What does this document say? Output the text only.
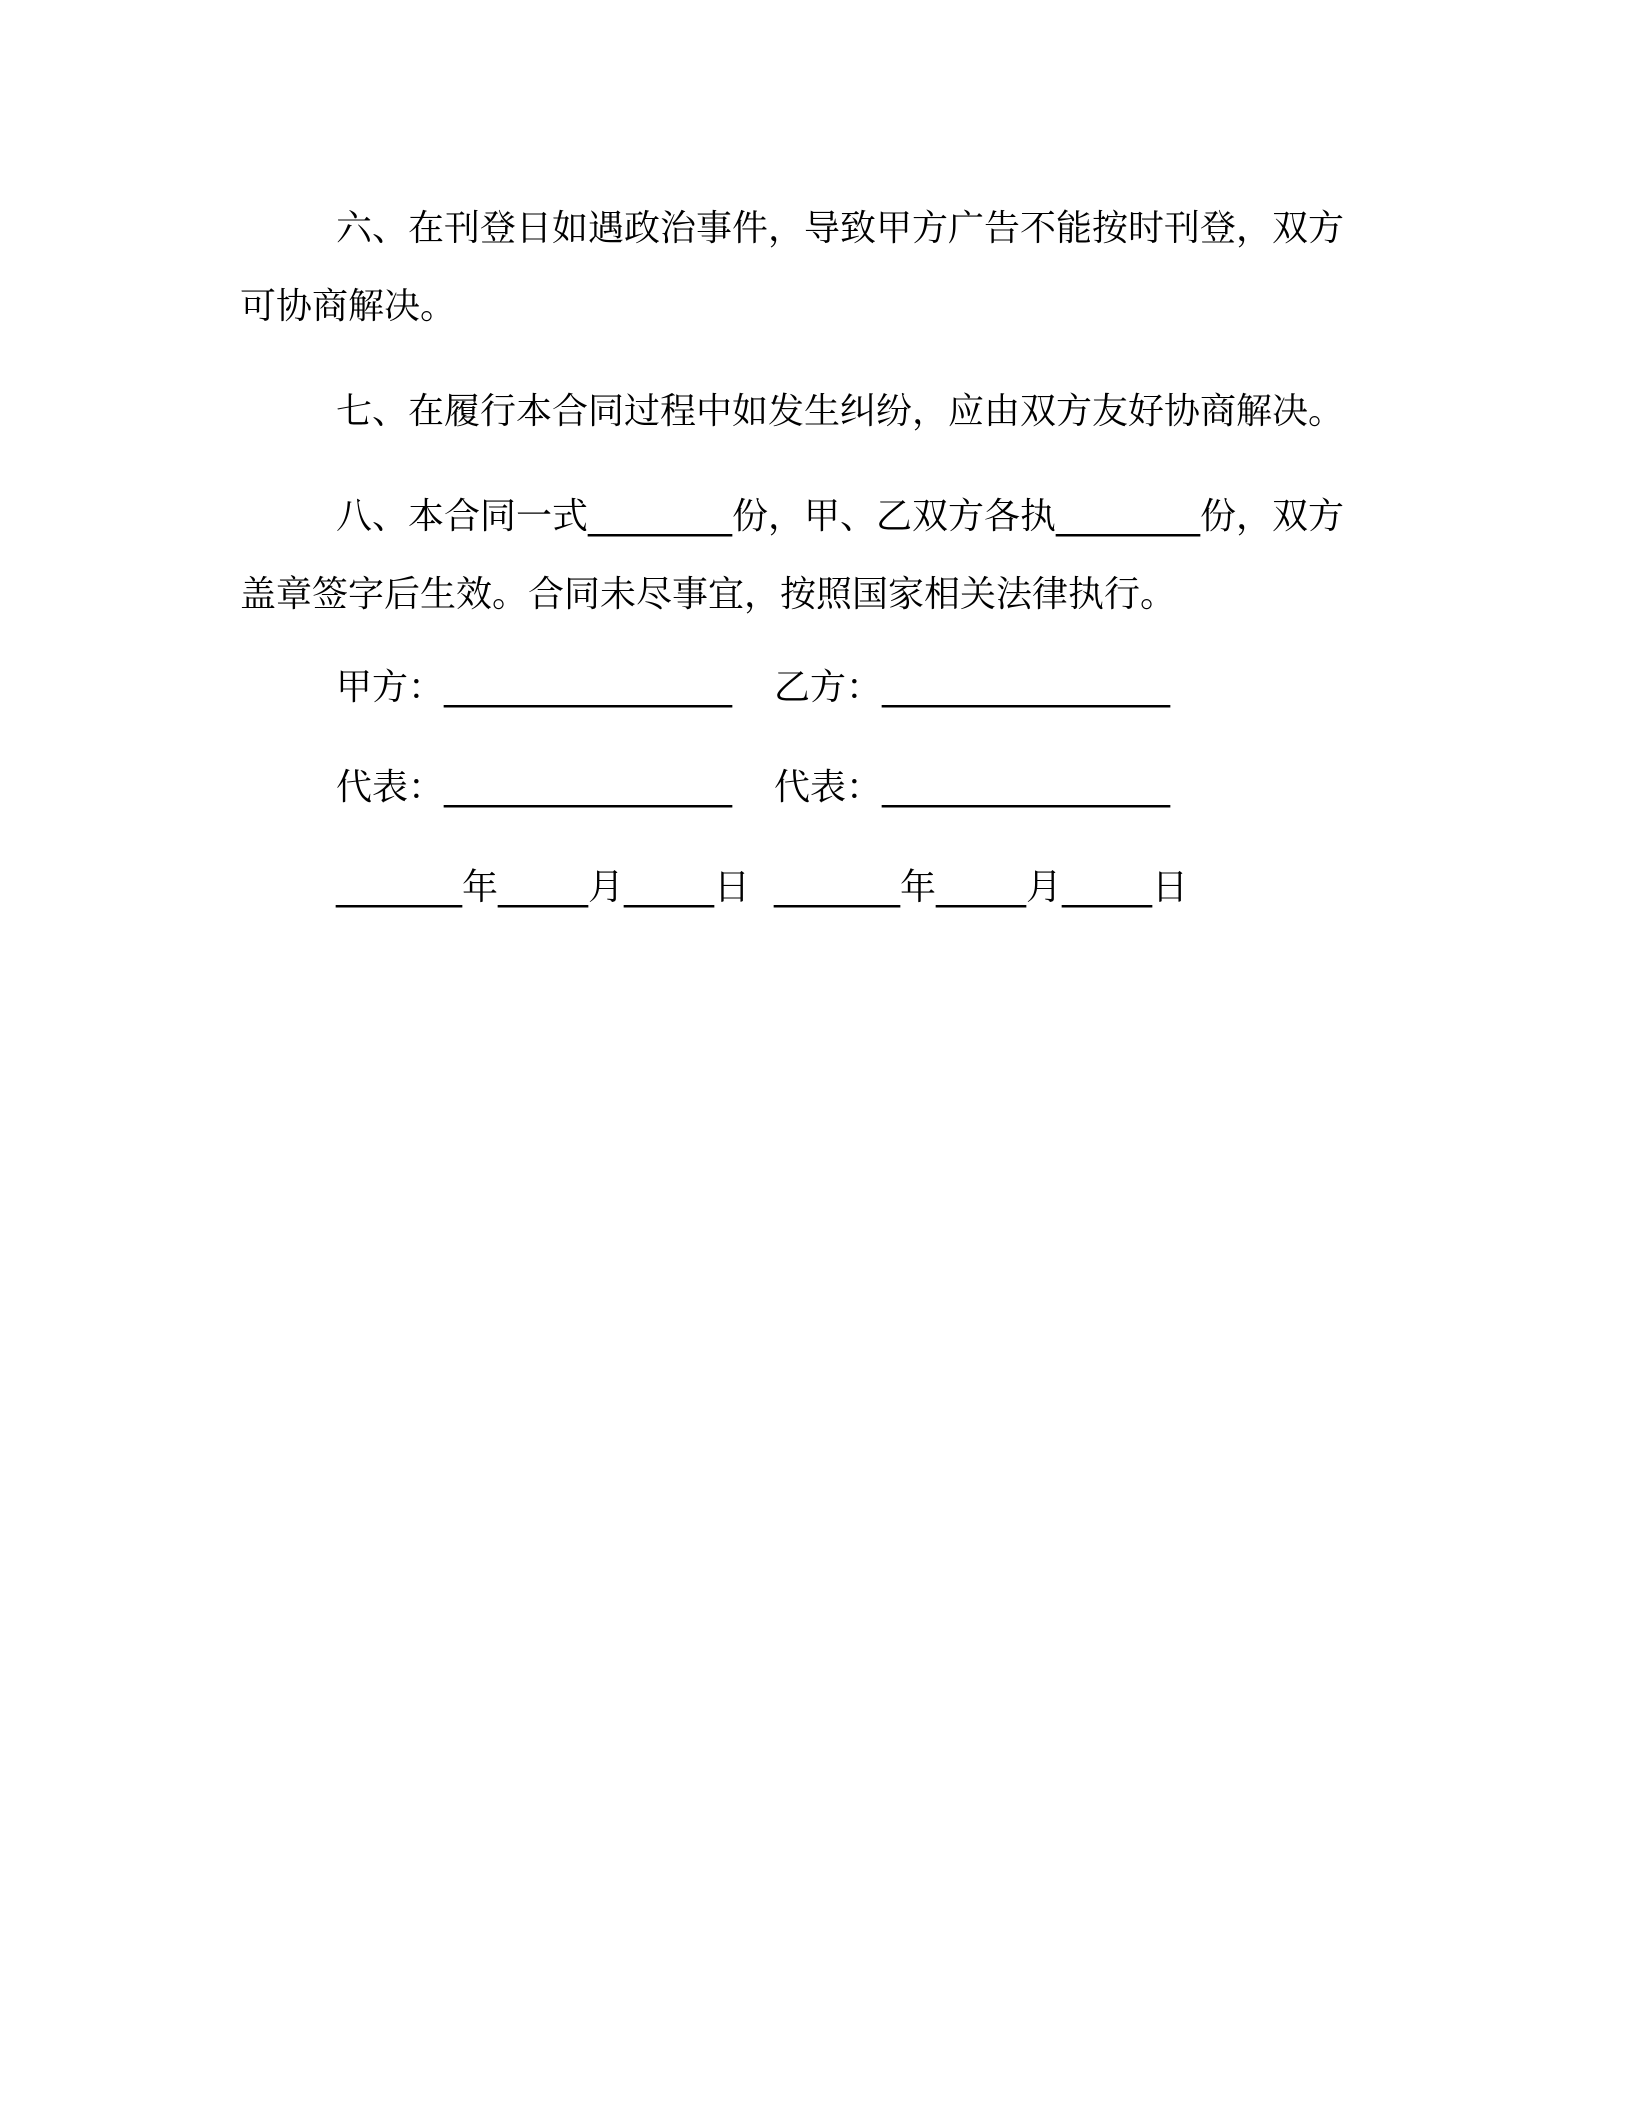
六、在刊登日如遇政治事件，导致甲方广告不能按时刊登，双方可协商解决。

七、在履行本合同过程中如发生纠纷，应由双方友好协商解决。

八、本合同一式________份，甲、乙双方各执________份，双方盖章签字后生效。合同未尽事宜，按照国家相关法律执行。

甲方：________________ 乙方：________________
代表：________________ 代表：________________
_______年_____月_____日 _______年_____月_____日
